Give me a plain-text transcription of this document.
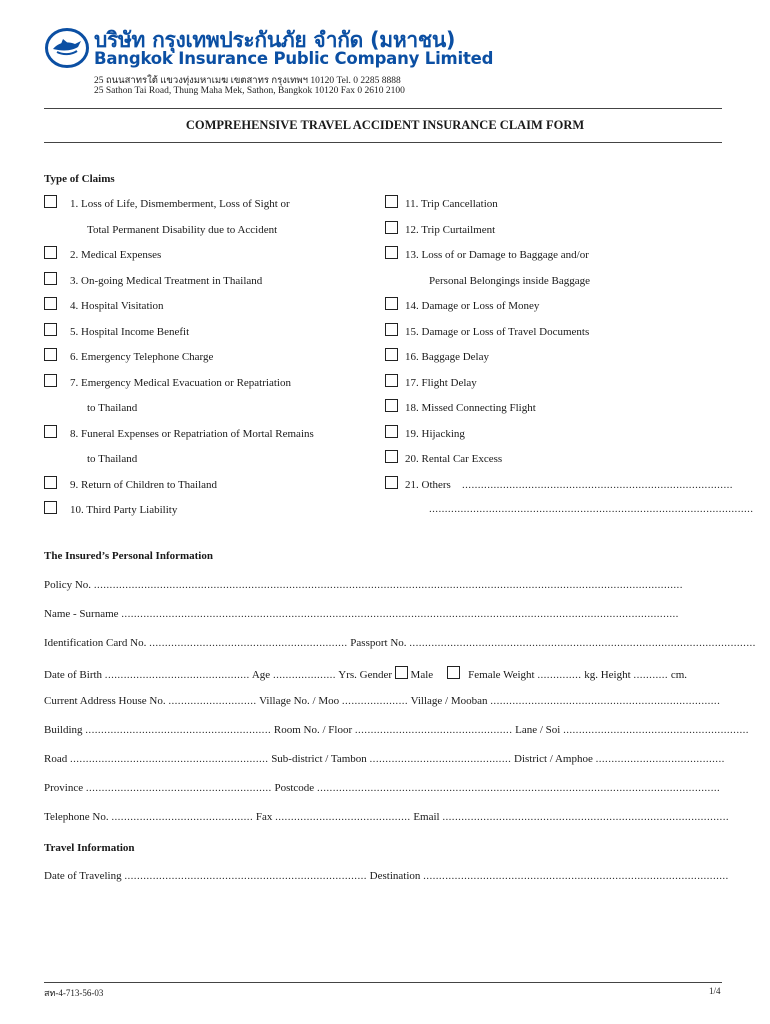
บริษัท กรุงเทพประกันภัย จำกัด (มหาชน)
Bangkok Insurance Public Company Limited
25 ถนนสาทรใต้ แขวงทุ่งมหาเมฆ เขตสาทร กรุงเทพฯ 10120 Tel. 0 2285 8888
25 Sathon Tai Road, Thung Maha Mek, Sathon, Bangkok 10120 Fax 0 2610 2100
COMPREHENSIVE TRAVEL ACCIDENT INSURANCE CLAIM FORM
Type of Claims
1. Loss of Life, Dismemberment, Loss of Sight or
Total Permanent Disability due to Accident
2. Medical Expenses
3. On-going Medical Treatment in Thailand
4. Hospital Visitation
5. Hospital Income Benefit
6. Emergency Telephone Charge
7. Emergency Medical Evacuation or Repatriation
to Thailand
8. Funeral Expenses or Repatriation of Mortal Remains
to Thailand
9. Return of Children to Thailand
10. Third Party Liability
11. Trip Cancellation
12. Trip Curtailment
13. Loss of or Damage to Baggage and/or
Personal Belongings inside Baggage
14. Damage or Loss of Money
15. Damage or Loss of Travel Documents
16. Baggage Delay
17. Flight Delay
18. Missed Connecting Flight
19. Hijacking
20. Rental Car Excess
21. Others ......................................................................................
.......................................................................................................
The Insured’s Personal Information
Policy No. ...........................................................................................................................................................................................
Name - Surname .................................................................................................................................................................................
Identification Card No. ............................................................... Passport No. ..............................................................................................................
Date of Birth .............................................. Age .................... Yrs. Gender Male	Female Weight .............. kg. Height ........... cm.
Current Address House No. ............................ Village No. / Moo ..................... Village / Mooban .........................................................................
Building ........................................................... Room No. / Floor .................................................. Lane / Soi ...........................................................
Road ............................................................... Sub-district / Tambon ............................................. District / Amphoe .........................................
Province ........................................................... Postcode ................................................................................................................................
Telephone No. ............................................. Fax ........................................... Email ...........................................................................................
Travel Information
Date of Traveling ............................................................................. Destination .................................................................................................
สท-4-713-56-03	1/4
